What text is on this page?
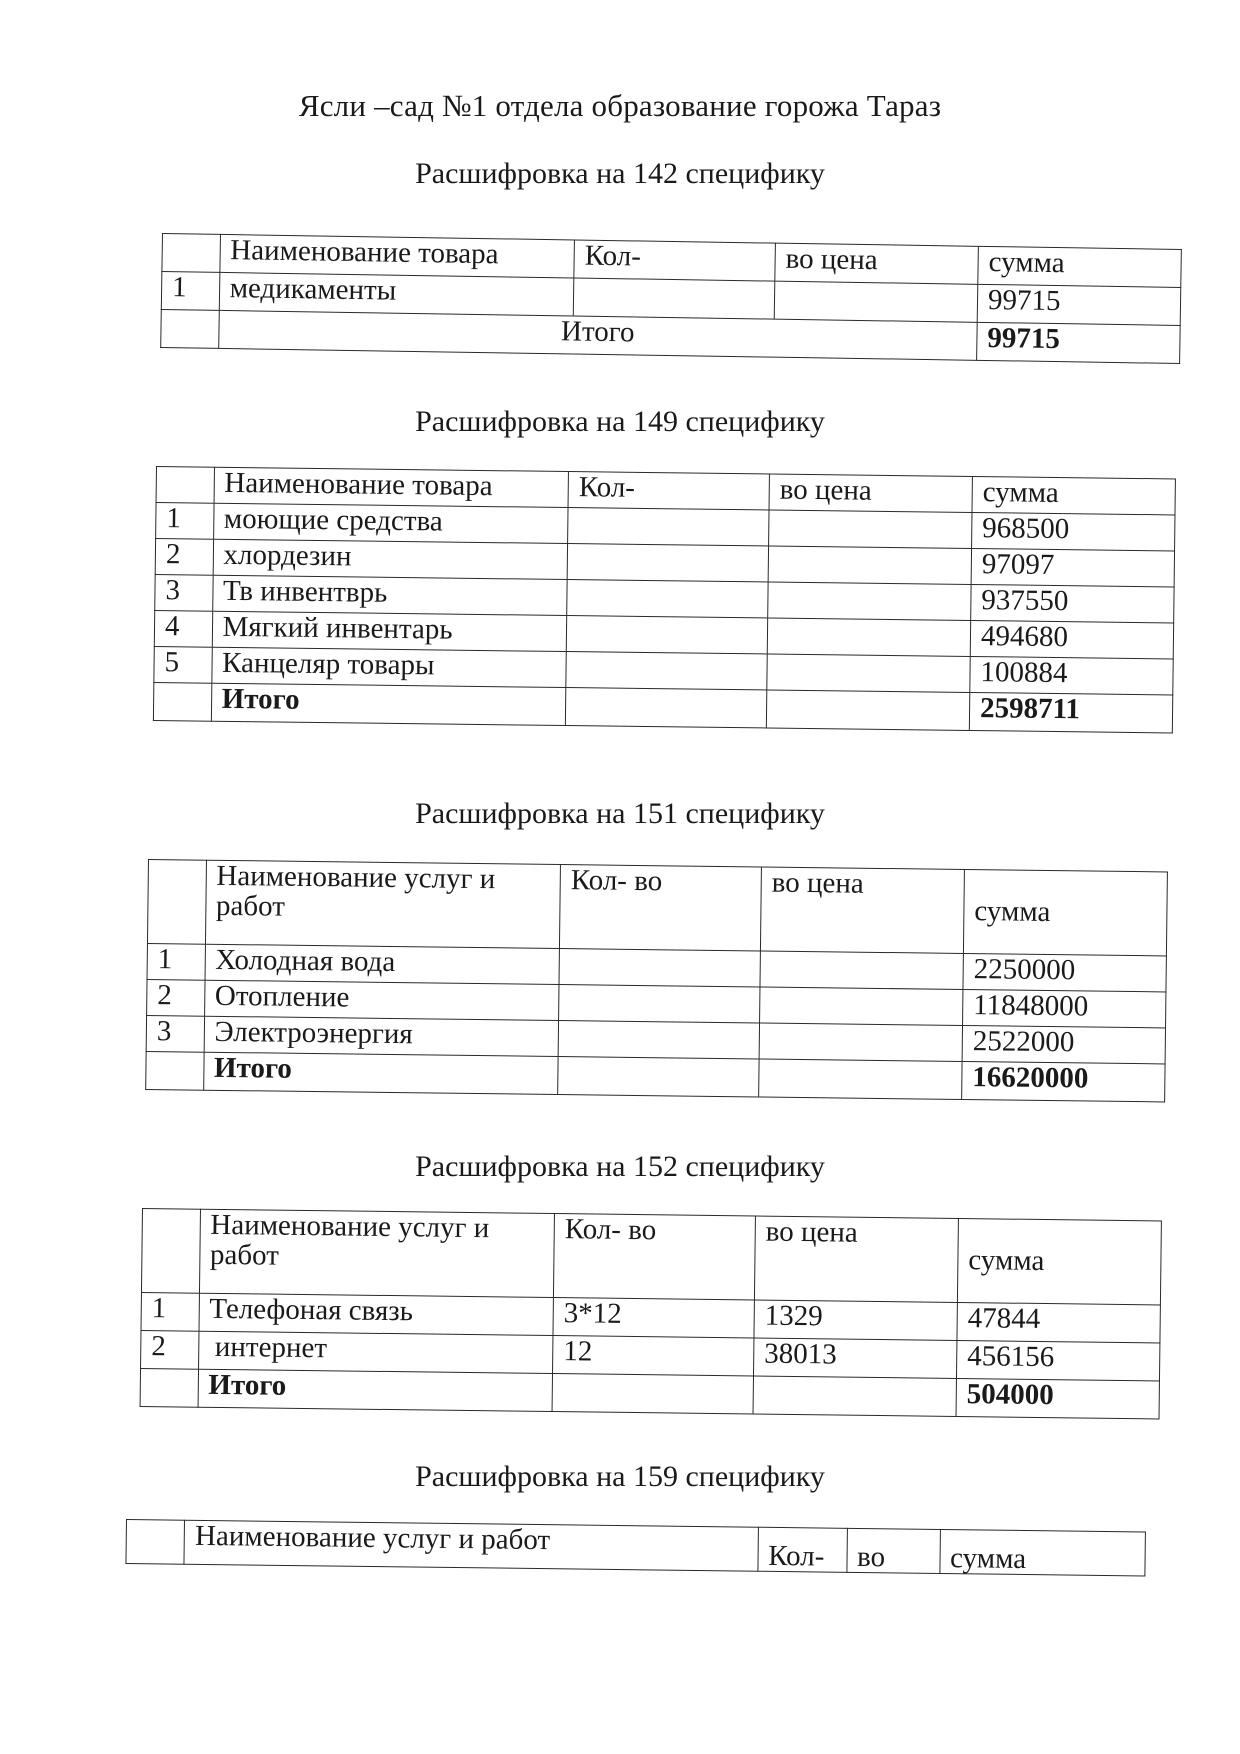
Ясли –сад №1 отдела образование горожа Тараз
Расшифровка на 142 специфику
	Наименование товара	Кол-	во цена	сумма
1	медикаменты			99715
	Итого			99715
Расшифровка на 149 специфику
	Наименование товара	Кол-	во цена	сумма
1	моющие средства			968500
2	хлордезин			97097
3	Тв инвентврь			937550
4	Мягкий инвентарь			494680
5	Канцеляр товары			100884
	Итого			2598711
Расшифровка на 151 специфику
	Наименование услуг и работ	Кол- во	во цена	сумма
1	Холодная вода			2250000
2	Отопление			11848000
3	Электроэнергия			2522000
	Итого			16620000
Расшифровка на 152 специфику
	Наименование услуг и работ	Кол- во	во цена	сумма
1	Телефоная связь	3*12	1329	47844
2	интернет	12	38013	456156
	Итого			504000
Расшифровка на 159 специфику
	Наименование услуг и работ	Кол-	во	сумма
